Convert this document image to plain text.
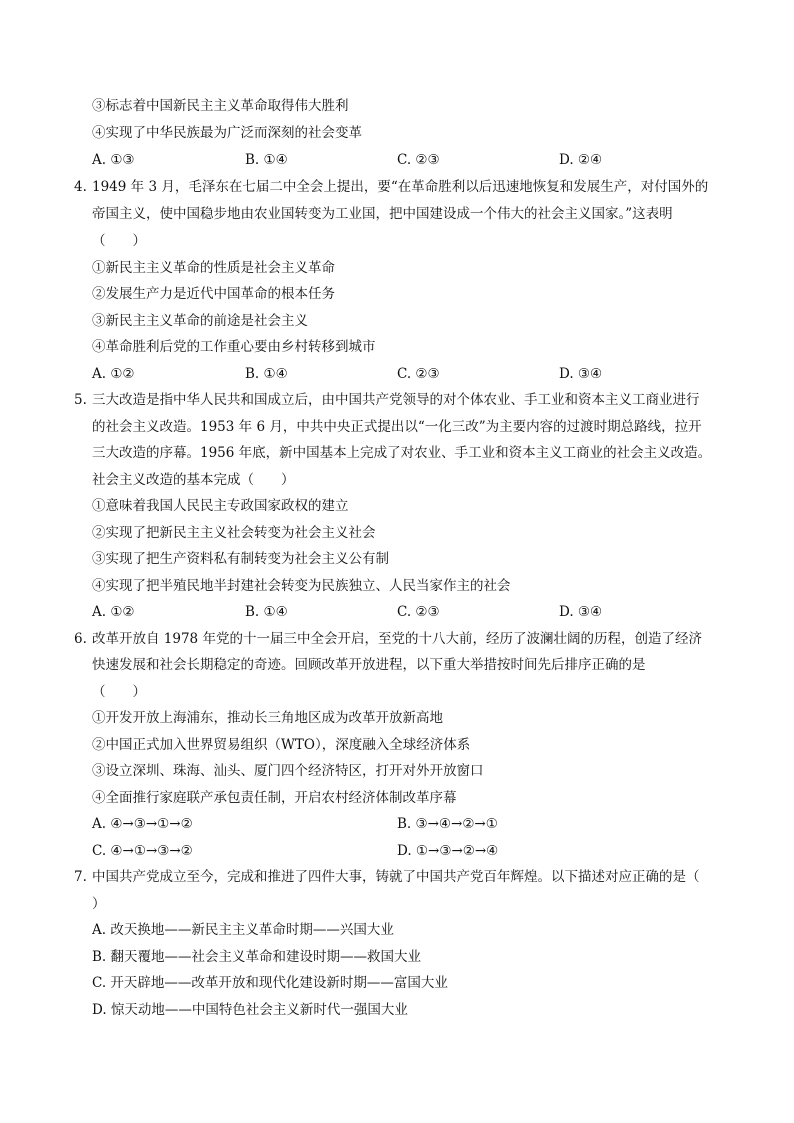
③标志着中国新民主主义革命取得伟大胜利
④实现了中华民族最为广泛而深刻的社会变革
A. ①③	B. ①④	C. ②③	D. ②④
4. 1949 年 3 月，毛泽东在七届二中全会上提出，要“在革命胜利以后迅速地恢复和发展生产，对付国外的
帝国主义，使中国稳步地由农业国转变为工业国，把中国建设成一个伟大的社会主义国家。”这表明
（　　）
①新民主主义革命的性质是社会主义革命
②发展生产力是近代中国革命的根本任务
③新民主主义革命的前途是社会主义
④革命胜利后党的工作重心要由乡村转移到城市
A. ①②	B. ①④	C. ②③	D. ③④
5. 三大改造是指中华人民共和国成立后，由中国共产党领导的对个体农业、手工业和资本主义工商业进行
的社会主义改造。1953 年 6 月，中共中央正式提出以“一化三改”为主要内容的过渡时期总路线，拉开
三大改造的序幕。1956 年底，新中国基本上完成了对农业、手工业和资本主义工商业的社会主义改造。
社会主义改造的基本完成（　　）
①意味着我国人民民主专政国家政权的建立
②实现了把新民主主义社会转变为社会主义社会
③实现了把生产资料私有制转变为社会主义公有制
④实现了把半殖民地半封建社会转变为民族独立、人民当家作主的社会
A. ①②	B. ①④	C. ②③	D. ③④
6. 改革开放自 1978 年党的十一届三中全会开启，至党的十八大前，经历了波澜壮阔的历程，创造了经济
快速发展和社会长期稳定的奇迹。回顾改革开放进程，以下重大举措按时间先后排序正确的是
（　　）
①开发开放上海浦东，推动长三角地区成为改革开放新高地
②中国正式加入世界贸易组织（WTO），深度融入全球经济体系
③设立深圳、珠海、汕头、厦门四个经济特区，打开对外开放窗口
④全面推行家庭联产承包责任制，开启农村经济体制改革序幕
A. ④→③→①→②	B. ③→④→②→①
C. ④→①→③→②	D. ①→③→②→④
7. 中国共产党成立至今，完成和推进了四件大事，铸就了中国共产党百年辉煌。以下描述对应正确的是（
）
A. 改天换地——新民主主义革命时期——兴国大业
B. 翻天覆地——社会主义革命和建设时期——救国大业
C. 开天辟地——改革开放和现代化建设新时期——富国大业
D. 惊天动地——中国特色社会主义新时代一强国大业
